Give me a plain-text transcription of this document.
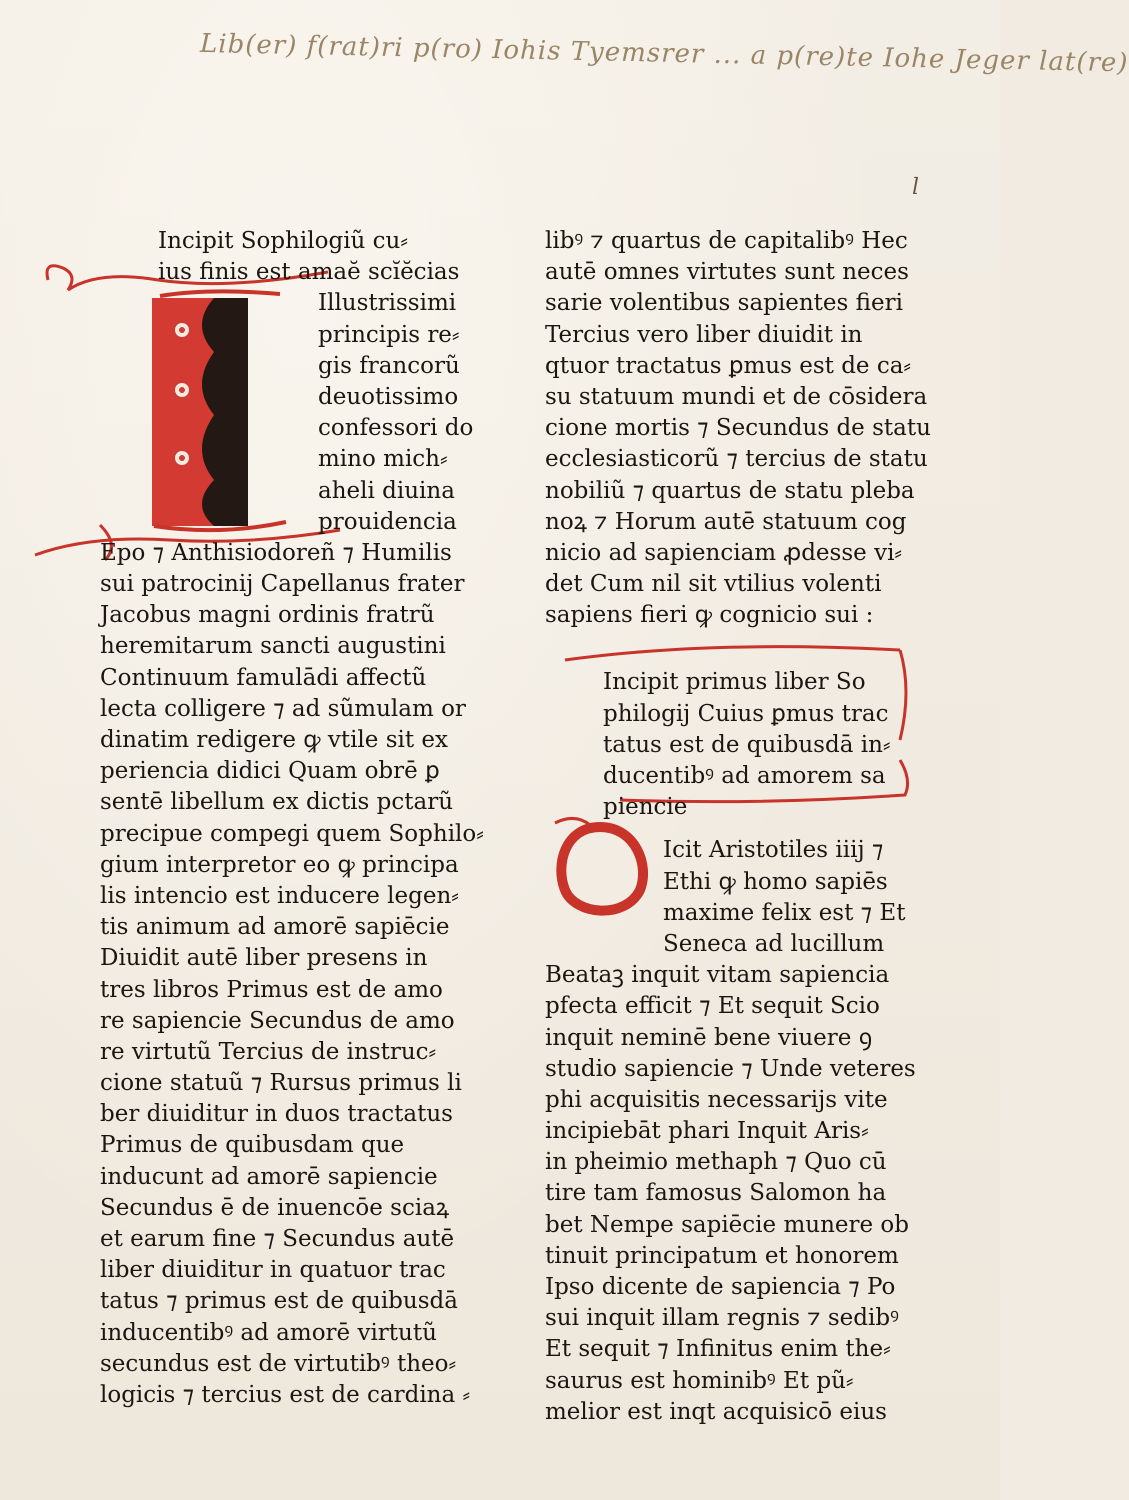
Lib(er) f(rat)ri p(ro) Iohis Tyemsrer ... a p(re)te Iohe Jeger lat(re)
l
Incipit Sophilogiũ cu⸗
ius finis est amaĕ scĭĕcias
Illustrissimi
principis re⸗
gis francorũ
deuotissimo
confessori do
mino mich⸗
aheli diuina
prouidencia
Epo ⁊ Anthisiodoreñ ⁊ Humilis
sui patrocinij Capellanus frater
Jacobus magni ordinis fratrũ
heremitarum sancti augustini
Continuum famulādi affectũ
lecta colligere ⁊ ad sũmulam or
dinatim redigere ꝙ vtile sit ex
periencia didici Quam obrē ꝑ
sentē libellum ex dictis pctarũ
precipue compegi quem Sophilo⸗
gium interpretor eo ꝙ principa
lis intencio est inducere legen⸗
tis animum ad amorē sapiēcie
Diuidit autē liber presens in
tres libros Primus est de amo
re sapiencie Secundus de amo
re virtutũ Tercius de instruc⸗
cione statuũ ⁊ Rursus primus li
ber diuiditur in duos tractatus
Primus de quibusdam que
inducunt ad amorē sapiencie
Secundus ē de inuencōe sciaꝝ
et earum fine ⁊ Secundus autē
liber diuiditur in quatuor trac
tatus ⁊ primus est de quibusdā
inducentibꝰ ad amorē virtutũ
secundus est de virtutibꝰ theo⸗
logicis ⁊ tercius est de cardina ⸗
libꝰ ⁊ quartus de capitalibꝰ Hec
autē omnes virtutes sunt neces
sarie volentibus sapientes fieri
Tercius vero liber diuidit in
qtuor tractatus ꝑmus est de ca⸗
su statuum mundi et de cōsidera
cione mortis ⁊ Secundus de statu
ecclesiasticorũ ⁊ tercius de statu
nobiliũ ⁊ quartus de statu pleba
noꝝ ⁊ Horum autē statuum cog
nicio ad sapienciam ꝓdesse vi⸗
det Cum nil sit vtilius volenti
sapiens fieri ꝙ cognicio sui :
Incipit primus liber So
philogij Cuius ꝑmus trac
tatus est de quibusdā in⸗
ducentibꝰ ad amorem sa
piencie
Icit Aristotiles iiij ⁊
Ethi ꝙ homo sapiēs
maxime felix est ⁊ Et
Seneca ad lucillum
Beataꝫ inquit vitam sapiencia
pfecta efficit ⁊ Et sequit Scio
inquit neminē bene viuere ꝯ
studio sapiencie ⁊ Unde veteres
phi acquisitis necessarijs vite
incipiebāt phari Inquit Aris⸗
in pheimio methaph ⁊ Quo cū
tire tam famosus Salomon ha
bet Nempe sapiēcie munere ob
tinuit principatum et honorem
Ipso dicente de sapiencia ⁊ Po
sui inquit illam regnis ⁊ sedibꝰ
Et sequit ⁊ Infinitus enim the⸗
saurus est hominibꝰ Et pũ⸗
melior est inqt acquisicō eius
